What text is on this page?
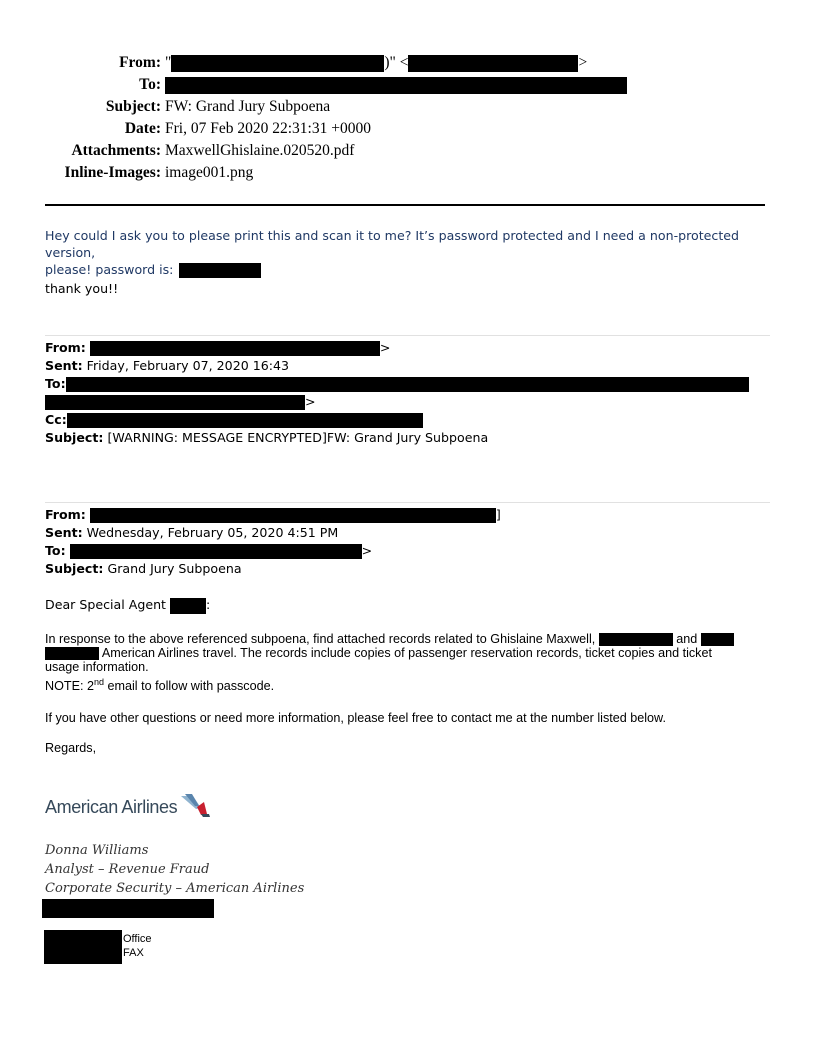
From: "	)" <	>
To:
Subject: FW: Grand Jury Subpoena
Date: Fri, 07 Feb 2020 22:31:31 +0000
Attachments: MaxwellGhislaine.020520.pdf
Inline-Images: image001.png
Hey could I ask you to please print this and scan it to me? It’s password protected and I need a non-protected version,
please! password is:
thank you!!
From:	>
Sent: Friday, February 07, 2020 16:43
To:
>
Cc:
Subject: [WARNING: MESSAGE ENCRYPTED]FW: Grand Jury Subpoena
From:	]
Sent: Wednesday, February 05, 2020 4:51 PM
To:	>
Subject: Grand Jury Subpoena
Dear Special Agent	:
In response to the above referenced subpoena, find attached records related to Ghislaine Maxwell,	and
American Airlines travel. The records include copies of passenger reservation records, ticket copies and ticket
usage information.
NOTE: 2nd email to follow with passcode.
If you have other questions or need more information, please feel free to contact me at the number listed below.
Regards,
American Airlines
Donna Williams
Analyst – Revenue Fraud
Corporate Security – American Airlines
Office
FAX
